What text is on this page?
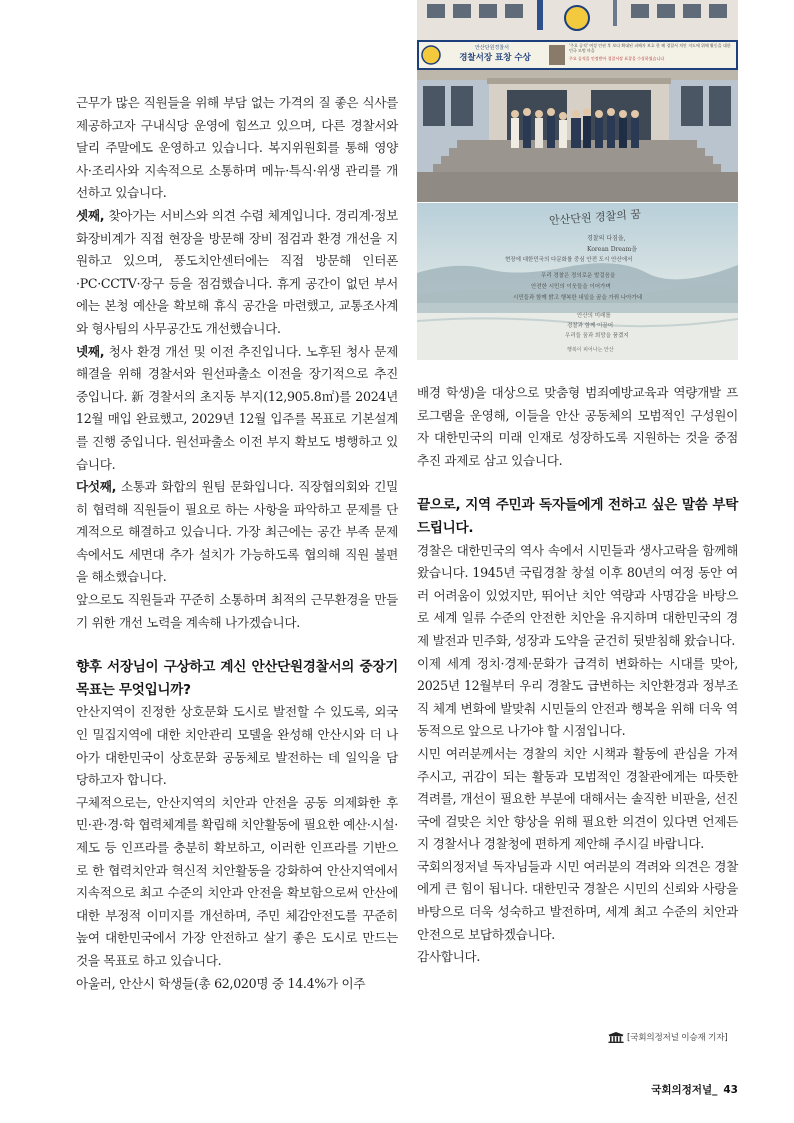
근무가 많은 직원들을 위해 부담 없는 가격의 질 좋은 식사를 제공하고자 구내식당 운영에 힘쓰고 있으며, 다른 경찰서와 달리 주말에도 운영하고 있습니다. 복지위원회를 통해 영양사·조리사와 지속적으로 소통하며 메뉴·특식·위생 관리를 개선하고 있습니다.

셋째, 찾아가는 서비스와 의견 수렴 체계입니다. 경리계·정보화장비계가 직접 현장을 방문해 장비 점검과 환경 개선을 지원하고 있으며, 풍도치안센터에는 직접 방문해 인터폰·PC·CCTV·장구 등을 점검했습니다. 휴게 공간이 없던 부서에는 본청 예산을 확보해 휴식 공간을 마련했고, 교통조사계와 형사팀의 사무공간도 개선했습니다.

넷째, 청사 환경 개선 및 이전 추진입니다. 노후된 청사 문제 해결을 위해 경찰서와 원선파출소 이전을 장기적으로 추진 중입니다. 新 경찰서의 초지동 부지(12,905.8㎡)를 2024년 12월 매입 완료했고, 2029년 12월 입주를 목표로 기본설계를 진행 중입니다. 원선파출소 이전 부지 확보도 병행하고 있습니다.

다섯째, 소통과 화합의 원팀 문화입니다. 직장협의회와 긴밀히 협력해 직원들이 필요로 하는 사항을 파악하고 문제를 단계적으로 해결하고 있습니다. 가장 최근에는 공간 부족 문제 속에서도 세면대 추가 설치가 가능하도록 협의해 직원 불편을 해소했습니다.

앞으로도 직원들과 꾸준히 소통하며 최적의 근무환경을 만들기 위한 개선 노력을 계속해 나가겠습니다.

향후 서장님이 구상하고 계신 안산단원경찰서의 중장기 목표는 무엇입니까?

안산지역이 진정한 상호문화 도시로 발전할 수 있도록, 외국인 밀집지역에 대한 치안관리 모델을 완성해 안산시와 더 나아가 대한민국이 상호문화 공동체로 발전하는 데 일익을 담당하고자 합니다.

구체적으로는, 안산지역의 치안과 안전을 공동 의제화한 후 민·관·경·학 협력체계를 확립해 치안활동에 필요한 예산·시설·제도 등 인프라를 충분히 확보하고, 이러한 인프라를 기반으로 한 협력치안과 혁신적 치안활동을 강화하여 안산지역에서 지속적으로 최고 수준의 치안과 안전을 확보함으로써 안산에 대한 부정적 이미지를 개선하며, 주민 체감안전도를 꾸준히 높여 대한민국에서 가장 안전하고 살기 좋은 도시로 만드는 것을 목표로 하고 있습니다.

아울러, 안산시 학생들(총 62,020명 중 14.4%가 이주

안산단원경찰서
경찰서장 표창 수상
'주요 공적' 여성 인권 후 보다 확대된 피해자 보호 한 해 경찰서 치안 지도에 위해 활동을 대한민국 모범 마을
주요 공적을 인정받아 경찰서장 표창을 수상하였습니다
안산단원 경찰의 꿈
경찰의 다짐을,
Korean Dream을
현장에 대한민국의 다문화를 중심 안전 도시 안산에서
우리 경찰은 정의로운 발걸음을
안전한 시민의 이웃들을 이어가며
시민들과 함께 밝고 행복한 내일을 꿈을 가꿔 나아가네
안산의 미래를
경찰과 함께 이끌어
우리들 꿈과 희망을 품겠지
행복이 피어나는 안산

배경 학생)을 대상으로 맞춤형 범죄예방교육과 역량개발 프로그램을 운영해, 이들을 안산 공동체의 모범적인 구성원이자 대한민국의 미래 인재로 성장하도록 지원하는 것을 중점 추진 과제로 삼고 있습니다.

끝으로, 지역 주민과 독자들에게 전하고 싶은 말씀 부탁드립니다.

경찰은 대한민국의 역사 속에서 시민들과 생사고락을 함께해 왔습니다. 1945년 국립경찰 창설 이후 80년의 여정 동안 여러 어려움이 있었지만, 뛰어난 치안 역량과 사명감을 바탕으로 세계 일류 수준의 안전한 치안을 유지하며 대한민국의 경제 발전과 민주화, 성장과 도약을 굳건히 뒷받침해 왔습니다.

이제 세계 정치·경제·문화가 급격히 변화하는 시대를 맞아, 2025년 12월부터 우리 경찰도 급변하는 치안환경과 정부조직 체계 변화에 발맞춰 시민들의 안전과 행복을 위해 더욱 역동적으로 앞으로 나가야 할 시점입니다.

시민 여러분께서는 경찰의 치안 시책과 활동에 관심을 가져 주시고, 귀감이 되는 활동과 모범적인 경찰관에게는 따뜻한 격려를, 개선이 필요한 부분에 대해서는 솔직한 비판을, 선진국에 걸맞은 치안 향상을 위해 필요한 의견이 있다면 언제든지 경찰서나 경찰청에 편하게 제안해 주시길 바랍니다.

국회의정저널 독자님들과 시민 여러분의 격려와 의견은 경찰에게 큰 힘이 됩니다. 대한민국 경찰은 시민의 신뢰와 사랑을 바탕으로 더욱 성숙하고 발전하며, 세계 최고 수준의 치안과 안전으로 보답하겠습니다.

감사합니다.

[국회의정저널 이승재 기자]
국회의정저널_ 43
